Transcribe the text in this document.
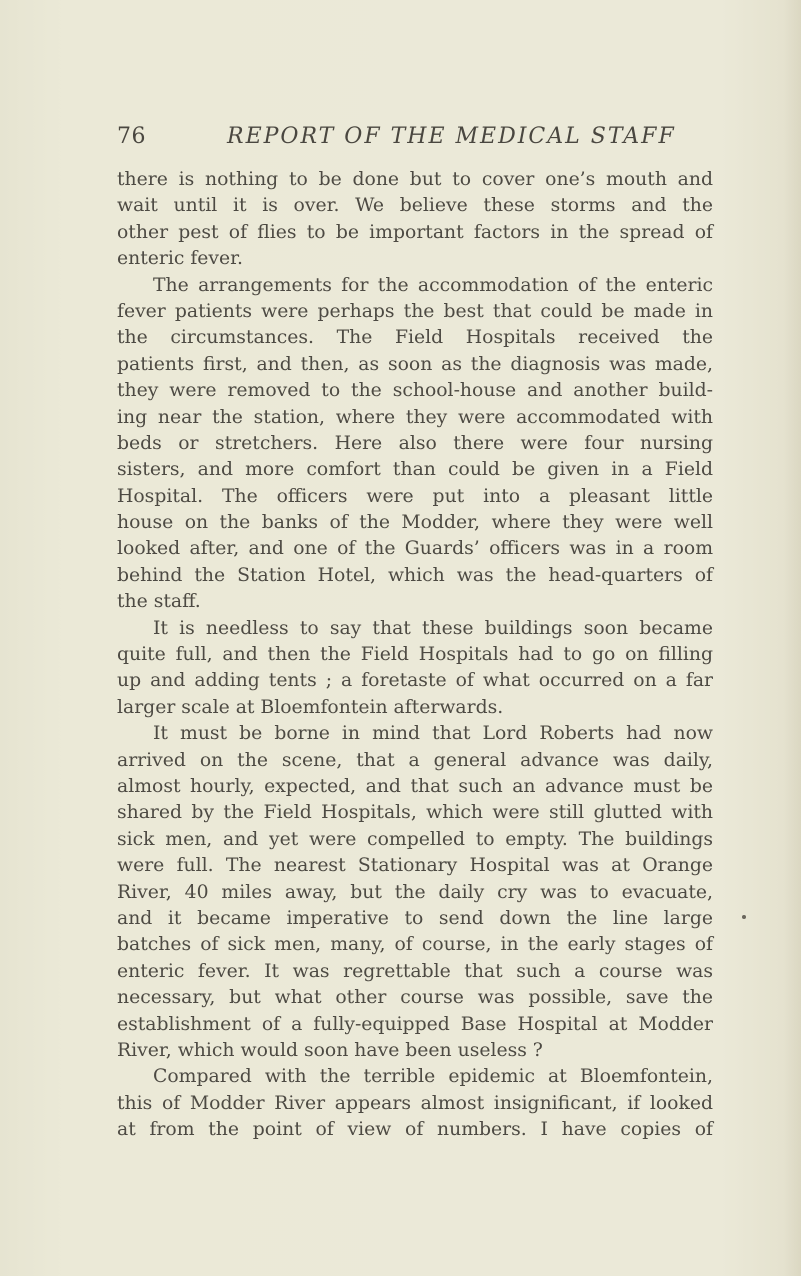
76	REPORT OF THE MEDICAL STAFF
there is nothing to be done but to cover one’s mouth and
wait until it is over. We believe these storms and the
other pest of flies to be important factors in the spread of
enteric fever.
The arrangements for the accommodation of the enteric
fever patients were perhaps the best that could be made in
the circumstances. The Field Hospitals received the
patients first, and then, as soon as the diagnosis was made,
they were removed to the school-house and another build-
ing near the station, where they were accommodated with
beds or stretchers. Here also there were four nursing
sisters, and more comfort than could be given in a Field
Hospital. The officers were put into a pleasant little
house on the banks of the Modder, where they were well
looked after, and one of the Guards’ officers was in a room
behind the Station Hotel, which was the head-quarters of
the staff.
It is needless to say that these buildings soon became
quite full, and then the Field Hospitals had to go on filling
up and adding tents ; a foretaste of what occurred on a far
larger scale at Bloemfontein afterwards.
It must be borne in mind that Lord Roberts had now
arrived on the scene, that a general advance was daily,
almost hourly, expected, and that such an advance must be
shared by the Field Hospitals, which were still glutted with
sick men, and yet were compelled to empty. The buildings
were full. The nearest Stationary Hospital was at Orange
River, 40 miles away, but the daily cry was to evacuate,
and it became imperative to send down the line large
batches of sick men, many, of course, in the early stages of
enteric fever. It was regrettable that such a course was
necessary, but what other course was possible, save the
establishment of a fully-equipped Base Hospital at Modder
River, which would soon have been useless ?
Compared with the terrible epidemic at Bloemfontein,
this of Modder River appears almost insignificant, if looked
at from the point of view of numbers. I have copies of
